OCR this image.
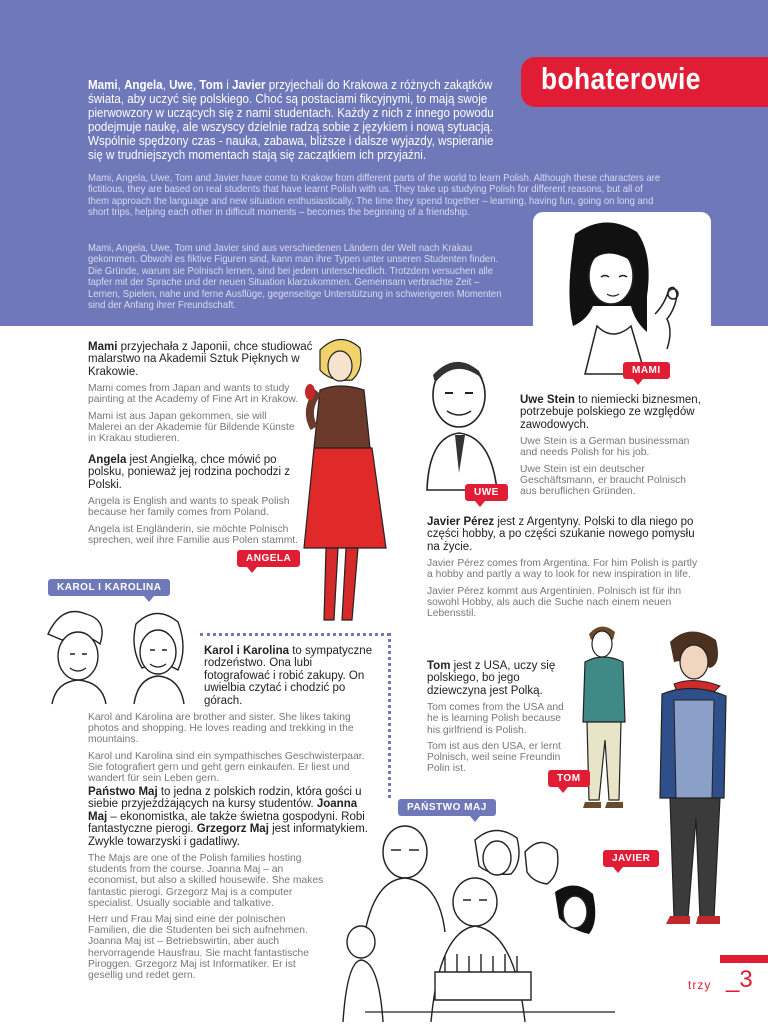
bohaterowie
Mami, Angela, Uwe, Tom i Javier przyjechali do Krakowa z różnych zakątków świata, aby uczyć się polskiego. Choć są postaciami fikcyjnymi, to mają swoje pierwowzory w uczących się z nami studentach. Każdy z nich z innego powodu podejmuje naukę, ale wszyscy dzielnie radzą sobie z językiem i nową sytuacją. Wspólnie spędzony czas - nauka, zabawa, bliższe i dalsze wyjazdy, wspieranie się w trudniejszych momentach stają się zaczątkiem ich przyjaźni.
Mami, Angela, Uwe, Tom and Javier have come to Krakow from different parts of the world to learn Polish. Although these characters are fictitious, they are based on real students that have learnt Polish with us. They take up studying Polish for different reasons, but all of them approach the language and new situation enthusiastically. The time they spend together – learning, having fun, going on long and short trips, helping each other in difficult moments – becomes the beginning of a friendship.
Mami, Angela, Uwe, Tom und Javier sind aus verschiedenen Ländern der Welt nach Krakau gekommen. Obwohl es fiktive Figuren sind, kann man ihre Typen unter unseren Studenten finden. Die Gründe, warum sie Polnisch lernen, sind bei jedem unterschiedlich. Trotzdem versuchen alle tapfer mit der Sprache und der neuen Situation klarzukommen. Gemeinsam verbrachte Zeit – Lernen, Spielen, nahe und ferne Ausflüge, gegenseitige Unterstützung in schwierigeren Momenten sind der Anfang ihrer Freundschaft.
MAMI

Mami przyjechała z Japonii, chce studiować malarstwo na Akademii Sztuk Pięknych w Krakowie.

Mami comes from Japan and wants to study painting at the Academy of Fine Art in Krakow.

Mami ist aus Japan gekommen, sie will Malerei an der Akademie für Bildende Künste in Krakau studieren.

Angela jest Angielką, chce mówić po polsku, ponieważ jej rodzina pochodzi z Polski.

Angela is English and wants to speak Polish because her family comes from Poland.

Angela ist Engländerin, sie möchte Polnisch sprechen, weil ihre Familie aus Polen stammt.

ANGELA
UWE

Uwe Stein to niemiecki biznesmen, potrzebuje polskiego ze względów zawodowych.

Uwe Stein is a German businessman and needs Polish for his job.

Uwe Stein ist ein deutscher Geschäftsmann, er braucht Polnisch aus beruflichen Gründen.

Javier Pérez jest z Argentyny. Polski to dla niego po części hobby, a po części szukanie nowego pomysłu na życie.

Javier Pérez comes from Argentina. For him Polish is partly a hobby and partly a way to look for new inspiration in life.

Javier Pérez kommt aus Argentinien. Polnisch ist für ihn sowohl Hobby, als auch die Suche nach einem neuen Lebensstil.

Tom jest z USA, uczy się polskiego, bo jego dziewczyna jest Polką.

Tom comes from the USA and he is learning Polish because his girlfriend is Polish.

Tom ist aus den USA, er lernt Polnisch, weil seine Freundin Polin ist.

TOM
JAVIER
KAROL I KAROLINA

Karol i Karolina to sympatyczne rodzeństwo. Ona lubi fotografować i robić zakupy. On uwielbia czytać i chodzić po górach.

Karol and Karolina are brother and sister. She likes taking photos and shopping. He loves reading and trekking in the mountains.

Karol und Karolina sind ein sympathisches Geschwisterpaar. Sie fotografiert gern und geht gern einkaufen. Er liest und wandert für sein Leben gern.

Państwo Maj to jedna z polskich rodzin, która gości u siebie przyjeżdżających na kursy studentów. Joanna Maj – ekonomistka, ale także świetna gospodyni. Robi fantastyczne pierogi. Grzegorz Maj jest informatykiem. Zwykle towarzyski i gadatliwy.

The Majs are one of the Polish families hosting students from the course. Joanna Maj – an economist, but also a skilled housewife. She makes fantastic pierogi. Grzegorz Maj is a computer specialist. Usually sociable and talkative.

Herr und Frau Maj sind eine der polnischen Familien, die die Studenten bei sich aufnehmen. Joanna Maj ist – Betriebswirtin, aber auch hervorragende Hausfrau. Sie macht fantastische Piroggen. Grzegorz Maj ist Informatiker. Er ist gesellig und redet gern.

PAŃSTWO MAJ
trzy
_	3
